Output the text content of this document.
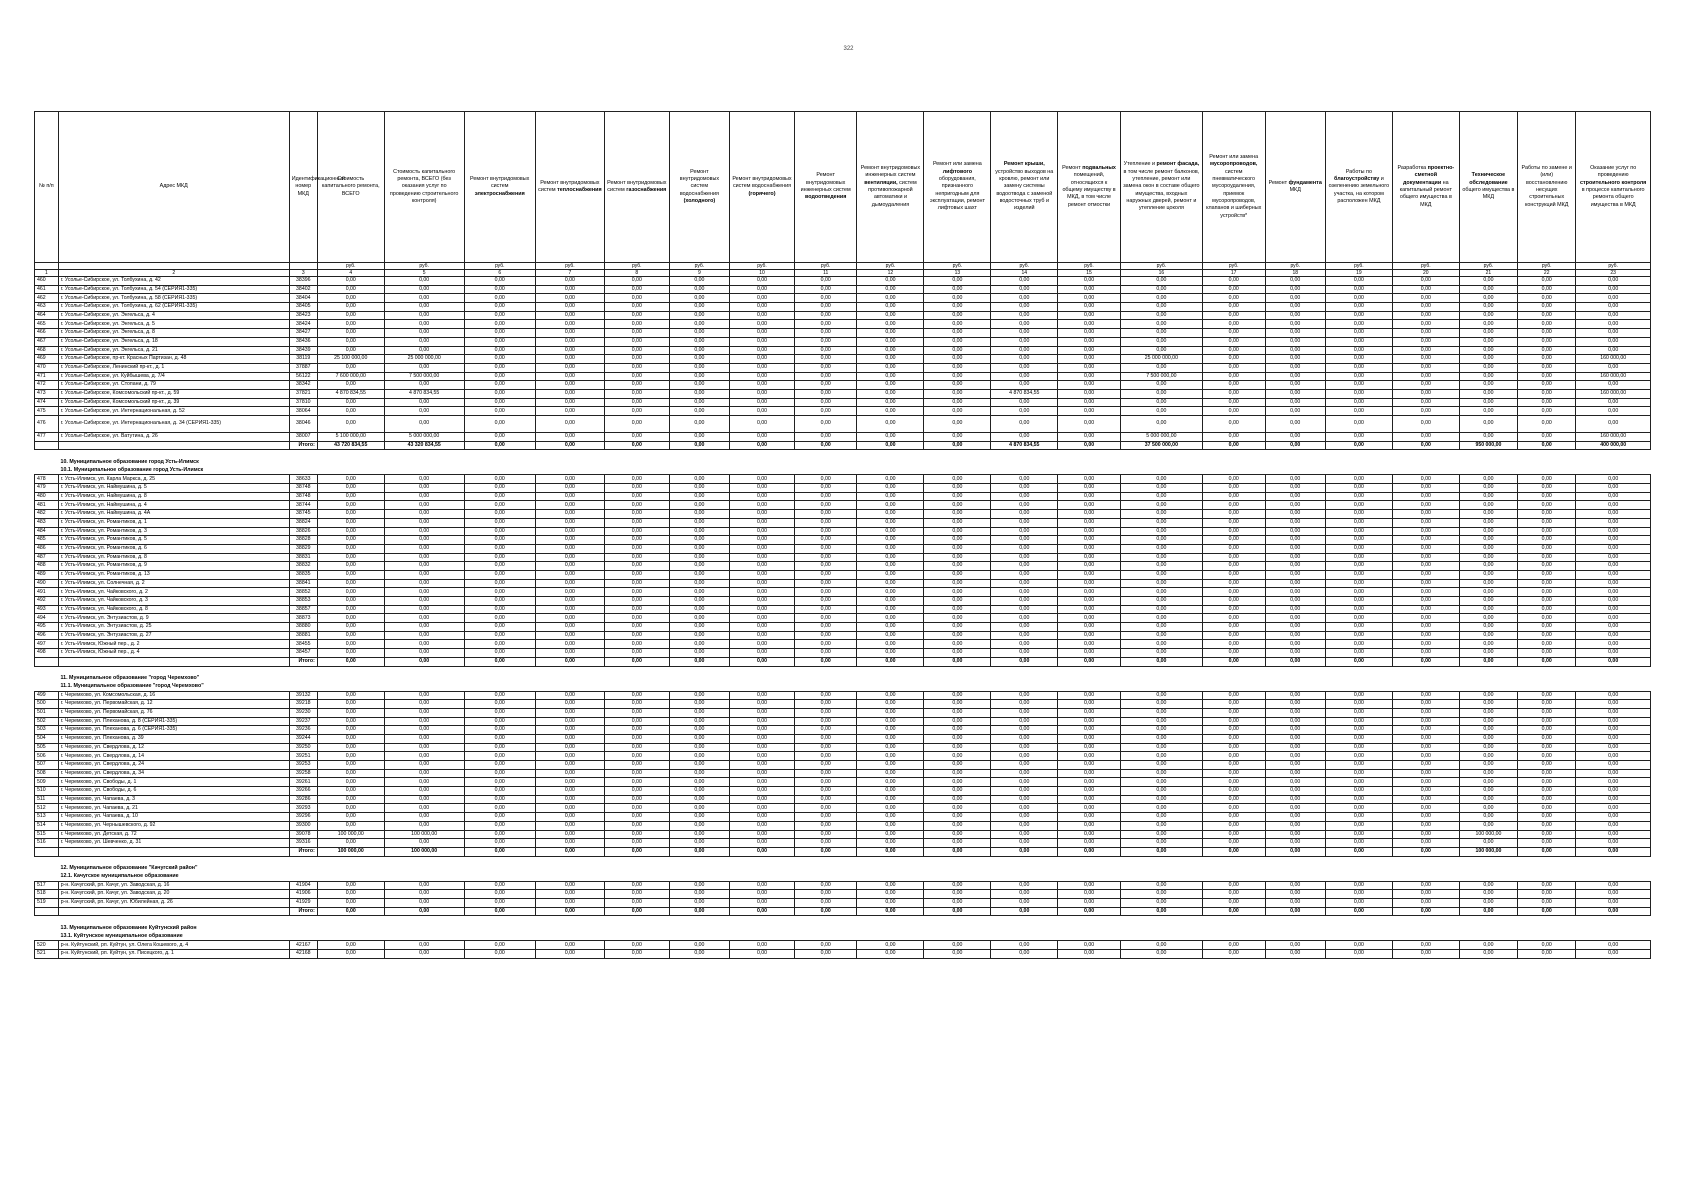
322
№ п/п	Адрес МКД	Идентификационный номер МКД	Стоимость капитального ремонта, ВСЕГО	Стоимость капитального ремонта, ВСЕГО (без оказания услуг по проведению строительного контроля)	Ремонт внутридомовых систем электроснабжения	Ремонт внутридомовых систем теплоснабжения	Ремонт внутридомовых систем газоснабжения	Ремонт внутридомовых систем водоснабжения (холодного)	Ремонт внутридомовых систем водоснабжения (горячего)	Ремонт внутридомовых инженерных систем водоотведения	Ремонт внутридомовых инженерных систем вентиляции, систем противопожарной автоматики и дымоудаления	Ремонт или замена лифтового оборудования, признанного непригодным для эксплуатации, ремонт лифтовых шахт	Ремонт крыши, устройство выходов на кровлю, ремонт или замену системы водоотвода с заменой водосточных труб и изделий	Ремонт подвальных помещений, относящихся к общему имуществу в МКД, в том числе ремонт отмостки	Утепление и ремонт фасада, в том числе ремонт балконов, утепление, ремонт или замена окон в составе общего имущества, входных наружных дверей, ремонт и утепление цоколя	Ремонт или замена мусоропроводов, систем пневматического мусороудаления, приемок мусоропроводов, клапанов и шиберных устройств*	Ремонт фундамента МКД	Работы по благоустройству и озеленению земельного участка, на котором расположен МКД	Разработка проектно-сметной документации на капитальный ремонт общего имущества в МКД	Техническое обследование общего имущества в МКД	Работы по замене и (или) восстановлению несущих строительных конструкций МКД	Оказание услуг по проведению строительного контроля в процессе капитального ремонта общего имущества в МКД
			руб.	руб.	руб.	руб.	руб.	руб.	руб.	руб.	руб.	руб.	руб.	руб.	руб.	руб.	руб.	руб.	руб.	руб.	руб.	руб.
1	2	3	4	5	6	7	8	9	10	11	12	13	14	15	16	17	18	19	20	21	22	23
460	г. Усолье-Сибирское, ул. Толбухина, д. 42	38396	0,00	0,00	0,00	0,00	0,00	0,00	0,00	0,00	0,00	0,00	0,00	0,00	0,00	0,00	0,00	0,00	0,00	0,00	0,00	0,00
461	г. Усолье-Сибирское, ул. Толбухина, д. 54 (СЕРИЯ1-335)	38402	0,00	0,00	0,00	0,00	0,00	0,00	0,00	0,00	0,00	0,00	0,00	0,00	0,00	0,00	0,00	0,00	0,00	0,00	0,00	0,00
462	г. Усолье-Сибирское, ул. Толбухина, д. 58 (СЕРИЯ1-335)	38404	0,00	0,00	0,00	0,00	0,00	0,00	0,00	0,00	0,00	0,00	0,00	0,00	0,00	0,00	0,00	0,00	0,00	0,00	0,00	0,00
463	г. Усолье-Сибирское, ул. Толбухина, д. 62 (СЕРИЯ1-335)	38405	0,00	0,00	0,00	0,00	0,00	0,00	0,00	0,00	0,00	0,00	0,00	0,00	0,00	0,00	0,00	0,00	0,00	0,00	0,00	0,00
464	г. Усолье-Сибирское, ул. Энгельса, д. 4	38423	0,00	0,00	0,00	0,00	0,00	0,00	0,00	0,00	0,00	0,00	0,00	0,00	0,00	0,00	0,00	0,00	0,00	0,00	0,00	0,00
465	г. Усолье-Сибирское, ул. Энгельса, д. 5	38424	0,00	0,00	0,00	0,00	0,00	0,00	0,00	0,00	0,00	0,00	0,00	0,00	0,00	0,00	0,00	0,00	0,00	0,00	0,00	0,00
466	г. Усолье-Сибирское, ул. Энгельса, д. 8	38427	0,00	0,00	0,00	0,00	0,00	0,00	0,00	0,00	0,00	0,00	0,00	0,00	0,00	0,00	0,00	0,00	0,00	0,00	0,00	0,00
467	г. Усолье-Сибирское, ул. Энгельса, д. 18	38436	0,00	0,00	0,00	0,00	0,00	0,00	0,00	0,00	0,00	0,00	0,00	0,00	0,00	0,00	0,00	0,00	0,00	0,00	0,00	0,00
468	г. Усолье-Сибирское, ул. Энгельса, д. 21	38439	0,00	0,00	0,00	0,00	0,00	0,00	0,00	0,00	0,00	0,00	0,00	0,00	0,00	0,00	0,00	0,00	0,00	0,00	0,00	0,00
469	г. Усолье-Сибирское, пр-кт. Красных Партизан, д. 48	38119	25 100 000,00	25 000 000,00	0,00	0,00	0,00	0,00	0,00	0,00	0,00	0,00	0,00	0,00	25 000 000,00	0,00	0,00	0,00	0,00	0,00	0,00	160 000,00
470	г. Усолье-Сибирское, Ленинский пр-кт., д. 1	37887	0,00	0,00	0,00	0,00	0,00	0,00	0,00	0,00	0,00	0,00	0,00	0,00	0,00	0,00	0,00	0,00	0,00	0,00	0,00	0,00
471	г. Усолье-Сибирское, ул. Куйбышева, д. 7/4	56122	7 600 000,00	7 500 000,00	0,00	0,00	0,00	0,00	0,00	0,00	0,00	0,00	0,00	0,00	7 500 000,00	0,00	0,00	0,00	0,00	0,00	0,00	160 000,00
472	г. Усолье-Сибирское, ул. Стопани, д. 79	38342	0,00	0,00	0,00	0,00	0,00	0,00	0,00	0,00	0,00	0,00	0,00	0,00	0,00	0,00	0,00	0,00	0,00	0,00	0,00	0,00
473	г. Усолье-Сибирское, Комсомольский пр-кт., д. 59	37821	4 870 834,55	4 870 834,55	0,00	0,00	0,00	0,00	0,00	0,00	0,00	0,00	4 870 834,55	0,00	0,00	0,00	0,00	0,00	0,00	0,00	0,00	160 000,00
474	г. Усолье-Сибирское, Комсомольский пр-кт., д. 39	37810	0,00	0,00	0,00	0,00	0,00	0,00	0,00	0,00	0,00	0,00	0,00	0,00	0,00	0,00	0,00	0,00	0,00	0,00	0,00	0,00
475	г. Усолье-Сибирское, ул. Интернациональная, д. 52	38064	0,00	0,00	0,00	0,00	0,00	0,00	0,00	0,00	0,00	0,00	0,00	0,00	0,00	0,00	0,00	0,00	0,00	0,00	0,00	0,00
476	г. Усолье-Сибирское, ул. Интернациональная, д. 34 (СЕРИЯ1-335)	38046	0,00	0,00	0,00	0,00	0,00	0,00	0,00	0,00	0,00	0,00	0,00	0,00	0,00	0,00	0,00	0,00	0,00	0,00	0,00	0,00
477	г. Усолье-Сибирское, ул. Ватутина, д. 26	38007	5 100 000,00	5 000 000,00	0,00	0,00	0,00	0,00	0,00	0,00	0,00	0,00	0,00	0,00	5 000 000,00	0,00	0,00	0,00	0,00	0,00	0,00	160 000,00
		Итого:	43 720 834,55	43 320 834,55	0,00	0,00	0,00	0,00	0,00	0,00	0,00	0,00	4 870 834,55	0,00	37 500 000,00	0,00	0,00	0,00	0,00	950 000,00	0,00	400 000,00

10. Муниципальное образование город Усть-Илимск																						
10.1. Муниципальное образование город Усть-Илимск																						
478	г. Усть-Илимск, ул. Карла Маркса, д. 25	38633	0,00	0,00	0,00	0,00	0,00	0,00	0,00	0,00	0,00	0,00	0,00	0,00	0,00	0,00	0,00	0,00	0,00	0,00	0,00	0,00
479	г. Усть-Илимск, ул. Наймушина, д. 5	38748	0,00	0,00	0,00	0,00	0,00	0,00	0,00	0,00	0,00	0,00	0,00	0,00	0,00	0,00	0,00	0,00	0,00	0,00	0,00	0,00
480	г. Усть-Илимск, ул. Наймушина, д. 8	38748	0,00	0,00	0,00	0,00	0,00	0,00	0,00	0,00	0,00	0,00	0,00	0,00	0,00	0,00	0,00	0,00	0,00	0,00	0,00	0,00
481	г. Усть-Илимск, ул. Наймушина, д. 4	38744	0,00	0,00	0,00	0,00	0,00	0,00	0,00	0,00	0,00	0,00	0,00	0,00	0,00	0,00	0,00	0,00	0,00	0,00	0,00	0,00
482	г. Усть-Илимск, ул. Наймушина, д. 4А	38745	0,00	0,00	0,00	0,00	0,00	0,00	0,00	0,00	0,00	0,00	0,00	0,00	0,00	0,00	0,00	0,00	0,00	0,00	0,00	0,00
483	г. Усть-Илимск, ул. Романтиков, д. 1	38824	0,00	0,00	0,00	0,00	0,00	0,00	0,00	0,00	0,00	0,00	0,00	0,00	0,00	0,00	0,00	0,00	0,00	0,00	0,00	0,00
484	г. Усть-Илимск, ул. Романтиков, д. 3	38826	0,00	0,00	0,00	0,00	0,00	0,00	0,00	0,00	0,00	0,00	0,00	0,00	0,00	0,00	0,00	0,00	0,00	0,00	0,00	0,00
485	г. Усть-Илимск, ул. Романтиков, д. 5	38828	0,00	0,00	0,00	0,00	0,00	0,00	0,00	0,00	0,00	0,00	0,00	0,00	0,00	0,00	0,00	0,00	0,00	0,00	0,00	0,00
486	г. Усть-Илимск, ул. Романтиков, д. 6	38829	0,00	0,00	0,00	0,00	0,00	0,00	0,00	0,00	0,00	0,00	0,00	0,00	0,00	0,00	0,00	0,00	0,00	0,00	0,00	0,00
487	г. Усть-Илимск, ул. Романтиков, д. 8	38831	0,00	0,00	0,00	0,00	0,00	0,00	0,00	0,00	0,00	0,00	0,00	0,00	0,00	0,00	0,00	0,00	0,00	0,00	0,00	0,00
488	г. Усть-Илимск, ул. Романтиков, д. 9	38832	0,00	0,00	0,00	0,00	0,00	0,00	0,00	0,00	0,00	0,00	0,00	0,00	0,00	0,00	0,00	0,00	0,00	0,00	0,00	0,00
489	г. Усть-Илимск, ул. Романтиков, д. 13	38835	0,00	0,00	0,00	0,00	0,00	0,00	0,00	0,00	0,00	0,00	0,00	0,00	0,00	0,00	0,00	0,00	0,00	0,00	0,00	0,00
490	г. Усть-Илимск, ул. Солнечная, д. 2	38841	0,00	0,00	0,00	0,00	0,00	0,00	0,00	0,00	0,00	0,00	0,00	0,00	0,00	0,00	0,00	0,00	0,00	0,00	0,00	0,00
491	г. Усть-Илимск, ул. Чайковского, д. 2	38852	0,00	0,00	0,00	0,00	0,00	0,00	0,00	0,00	0,00	0,00	0,00	0,00	0,00	0,00	0,00	0,00	0,00	0,00	0,00	0,00
492	г. Усть-Илимск, ул. Чайковского, д. 3	38853	0,00	0,00	0,00	0,00	0,00	0,00	0,00	0,00	0,00	0,00	0,00	0,00	0,00	0,00	0,00	0,00	0,00	0,00	0,00	0,00
493	г. Усть-Илимск, ул. Чайковского, д. 8	38857	0,00	0,00	0,00	0,00	0,00	0,00	0,00	0,00	0,00	0,00	0,00	0,00	0,00	0,00	0,00	0,00	0,00	0,00	0,00	0,00
494	г. Усть-Илимск, ул. Энтузиастов, д. 9	38873	0,00	0,00	0,00	0,00	0,00	0,00	0,00	0,00	0,00	0,00	0,00	0,00	0,00	0,00	0,00	0,00	0,00	0,00	0,00	0,00
495	г. Усть-Илимск, ул. Энтузиастов, д. 25	38880	0,00	0,00	0,00	0,00	0,00	0,00	0,00	0,00	0,00	0,00	0,00	0,00	0,00	0,00	0,00	0,00	0,00	0,00	0,00	0,00
496	г. Усть-Илимск, ул. Энтузиастов, д. 27	38881	0,00	0,00	0,00	0,00	0,00	0,00	0,00	0,00	0,00	0,00	0,00	0,00	0,00	0,00	0,00	0,00	0,00	0,00	0,00	0,00
497	г. Усть-Илимск, Южный пер., д. 2	38455	0,00	0,00	0,00	0,00	0,00	0,00	0,00	0,00	0,00	0,00	0,00	0,00	0,00	0,00	0,00	0,00	0,00	0,00	0,00	0,00
498	г. Усть-Илимск, Южный пер., д. 4	38457	0,00	0,00	0,00	0,00	0,00	0,00	0,00	0,00	0,00	0,00	0,00	0,00	0,00	0,00	0,00	0,00	0,00	0,00	0,00	0,00
		Итого:	0,00	0,00	0,00	0,00	0,00	0,00	0,00	0,00	0,00	0,00	0,00	0,00	0,00	0,00	0,00	0,00	0,00	0,00	0,00	0,00

11. Муниципальное образование "город Черемхово"																						
11.1. Муниципальное образование "город Черемхово"																						
499	г. Черемхово, ул. Комсомольская, д. 16	39132	0,00	0,00	0,00	0,00	0,00	0,00	0,00	0,00	0,00	0,00	0,00	0,00	0,00	0,00	0,00	0,00	0,00	0,00	0,00	0,00
500	г. Черемхово, ул. Первомайская, д. 12	39218	0,00	0,00	0,00	0,00	0,00	0,00	0,00	0,00	0,00	0,00	0,00	0,00	0,00	0,00	0,00	0,00	0,00	0,00	0,00	0,00
501	г. Черемхово, ул. Первомайская, д. 76	39230	0,00	0,00	0,00	0,00	0,00	0,00	0,00	0,00	0,00	0,00	0,00	0,00	0,00	0,00	0,00	0,00	0,00	0,00	0,00	0,00
502	г. Черемхово, ул. Плеханова, д. 8 (СЕРИЯ1-335)	39237	0,00	0,00	0,00	0,00	0,00	0,00	0,00	0,00	0,00	0,00	0,00	0,00	0,00	0,00	0,00	0,00	0,00	0,00	0,00	0,00
503	г. Черемхово, ул. Плеханова, д. 6 (СЕРИЯ1-335)	39236	0,00	0,00	0,00	0,00	0,00	0,00	0,00	0,00	0,00	0,00	0,00	0,00	0,00	0,00	0,00	0,00	0,00	0,00	0,00	0,00
504	г. Черемхово, ул. Плеханова, д. 39	39244	0,00	0,00	0,00	0,00	0,00	0,00	0,00	0,00	0,00	0,00	0,00	0,00	0,00	0,00	0,00	0,00	0,00	0,00	0,00	0,00
505	г. Черемхово, ул. Свердлова, д. 12	39250	0,00	0,00	0,00	0,00	0,00	0,00	0,00	0,00	0,00	0,00	0,00	0,00	0,00	0,00	0,00	0,00	0,00	0,00	0,00	0,00
506	г. Черемхово, ул. Свердлова, д. 14	39251	0,00	0,00	0,00	0,00	0,00	0,00	0,00	0,00	0,00	0,00	0,00	0,00	0,00	0,00	0,00	0,00	0,00	0,00	0,00	0,00
507	г. Черемхово, ул. Свердлова, д. 24	39253	0,00	0,00	0,00	0,00	0,00	0,00	0,00	0,00	0,00	0,00	0,00	0,00	0,00	0,00	0,00	0,00	0,00	0,00	0,00	0,00
508	г. Черемхово, ул. Свердлова, д. 34	39258	0,00	0,00	0,00	0,00	0,00	0,00	0,00	0,00	0,00	0,00	0,00	0,00	0,00	0,00	0,00	0,00	0,00	0,00	0,00	0,00
509	г. Черемхово, ул. Свободы, д. 1	39261	0,00	0,00	0,00	0,00	0,00	0,00	0,00	0,00	0,00	0,00	0,00	0,00	0,00	0,00	0,00	0,00	0,00	0,00	0,00	0,00
510	г. Черемхово, ул. Свободы, д. 6	39266	0,00	0,00	0,00	0,00	0,00	0,00	0,00	0,00	0,00	0,00	0,00	0,00	0,00	0,00	0,00	0,00	0,00	0,00	0,00	0,00
511	г. Черемхово, ул. Чапаева, д. 3	39286	0,00	0,00	0,00	0,00	0,00	0,00	0,00	0,00	0,00	0,00	0,00	0,00	0,00	0,00	0,00	0,00	0,00	0,00	0,00	0,00
512	г. Черемхово, ул. Чапаева, д. 21	39293	0,00	0,00	0,00	0,00	0,00	0,00	0,00	0,00	0,00	0,00	0,00	0,00	0,00	0,00	0,00	0,00	0,00	0,00	0,00	0,00
513	г. Черемхово, ул. Чапаева, д. 10	39296	0,00	0,00	0,00	0,00	0,00	0,00	0,00	0,00	0,00	0,00	0,00	0,00	0,00	0,00	0,00	0,00	0,00	0,00	0,00	0,00
514	г. Черемхово, ул. Чернышевского, д. 92	39300	0,00	0,00	0,00	0,00	0,00	0,00	0,00	0,00	0,00	0,00	0,00	0,00	0,00	0,00	0,00	0,00	0,00	0,00	0,00	0,00
515	г. Черемхово, ул. Детская, д. 72	39078	100 000,00	100 000,00	0,00	0,00	0,00	0,00	0,00	0,00	0,00	0,00	0,00	0,00	0,00	0,00	0,00	0,00	0,00	100 000,00	0,00	0,00
516	г. Черемхово, ул. Шевченко, д. 31	39316	0,00	0,00	0,00	0,00	0,00	0,00	0,00	0,00	0,00	0,00	0,00	0,00	0,00	0,00	0,00	0,00	0,00	0,00	0,00	0,00
		Итого:	100 000,00	100 000,00	0,00	0,00	0,00	0,00	0,00	0,00	0,00	0,00	0,00	0,00	0,00	0,00	0,00	0,00	0,00	100 000,00	0,00	0,00

12. Муниципальное образование "Качугский район"																						
12.1. Качугское муниципальное образование																						
517	р-н. Качугский, рп. Качуг, ул. Заводская, д. 16	41904	0,00	0,00	0,00	0,00	0,00	0,00	0,00	0,00	0,00	0,00	0,00	0,00	0,00	0,00	0,00	0,00	0,00	0,00	0,00	0,00
518	р-н. Качугский, рп. Качуг, ул. Заводская, д. 20	41906	0,00	0,00	0,00	0,00	0,00	0,00	0,00	0,00	0,00	0,00	0,00	0,00	0,00	0,00	0,00	0,00	0,00	0,00	0,00	0,00
519	р-н. Качугский, рп. Качуг, ул. Юбилейная, д. 26	41929	0,00	0,00	0,00	0,00	0,00	0,00	0,00	0,00	0,00	0,00	0,00	0,00	0,00	0,00	0,00	0,00	0,00	0,00	0,00	0,00
		Итого:	0,00	0,00	0,00	0,00	0,00	0,00	0,00	0,00	0,00	0,00	0,00	0,00	0,00	0,00	0,00	0,00	0,00	0,00	0,00	0,00

13. Муниципальное образование Куйтунский район																						
13.1. Куйтунское муниципальное образование																						
520	р-н. Куйтунский, рп. Куйтун, ул. Олега Кошевого, д. 4	42167	0,00	0,00	0,00	0,00	0,00	0,00	0,00	0,00	0,00	0,00	0,00	0,00	0,00	0,00	0,00	0,00	0,00	0,00	0,00	0,00
521	р-н. Куйтунский, рп. Куйтун, ул. Писецкого, д. 1	42168	0,00	0,00	0,00	0,00	0,00	0,00	0,00	0,00	0,00	0,00	0,00	0,00	0,00	0,00	0,00	0,00	0,00	0,00	0,00	0,00
